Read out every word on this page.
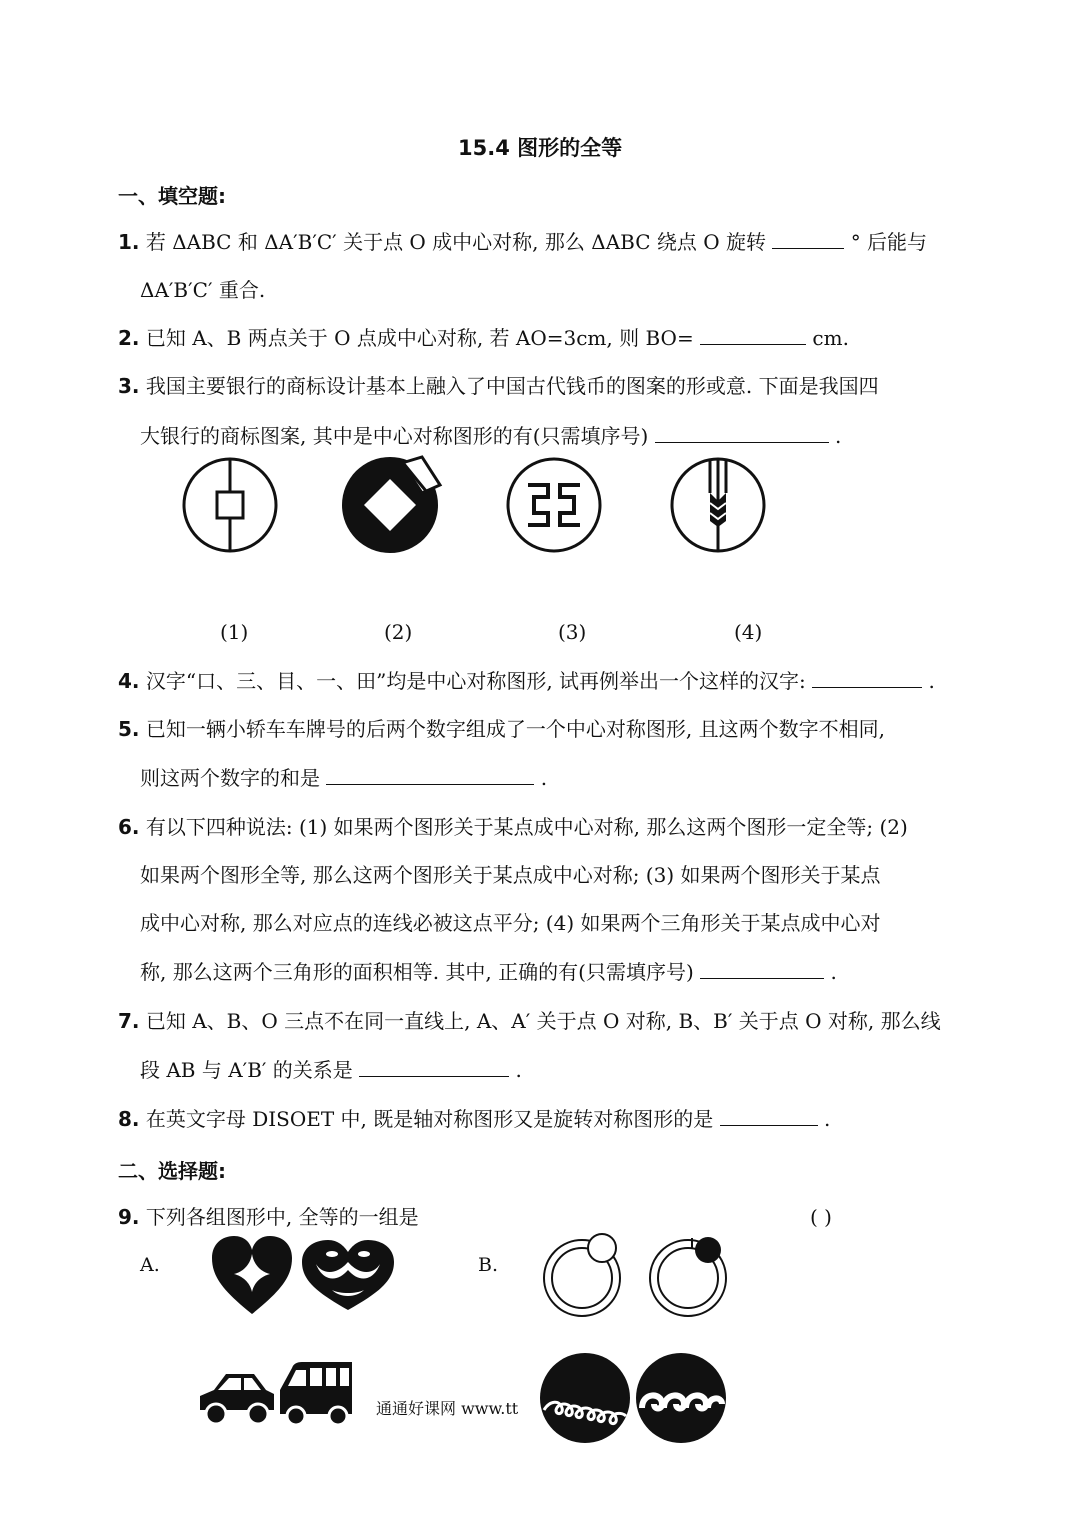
15.4 图形的全等
一、填空题:
1. 若 ΔABC 和 ΔA′B′C′ 关于点 O 成中心对称, 那么 ΔABC 绕点 O 旋转	° 后能与
ΔA′B′C′ 重合.
2. 已知 A、B 两点关于 O 点成中心对称, 若 AO=3cm, 则 BO=	cm.
3. 我国主要银行的商标设计基本上融入了中国古代钱币的图案的形或意. 下面是我国四
大银行的商标图案, 其中是中心对称图形的有(只需填序号)	.
(1)	(2)	(3)	(4)
4. 汉字“口、三、目、一、田”均是中心对称图形, 试再例举出一个这样的汉字:	.
5. 已知一辆小轿车车牌号的后两个数字组成了一个中心对称图形, 且这两个数字不相同,
则这两个数字的和是	.
6. 有以下四种说法: (1) 如果两个图形关于某点成中心对称, 那么这两个图形一定全等; (2)
如果两个图形全等, 那么这两个图形关于某点成中心对称; (3) 如果两个图形关于某点
成中心对称, 那么对应点的连线必被这点平分; (4) 如果两个三角形关于某点成中心对
称, 那么这两个三角形的面积相等. 其中, 正确的有(只需填序号)	.
7. 已知 A、B、O 三点不在同一直线上, A、A′ 关于点 O 对称, B、B′ 关于点 O 对称, 那么线
段 AB 与 A′B′ 的关系是	.
8. 在英文字母 DISOET 中, 既是轴对称图形又是旋转对称图形的是	.
二、选择题:
9. 下列各组图形中, 全等的一组是	( )
A.	B.
通通好课网 www.tt
